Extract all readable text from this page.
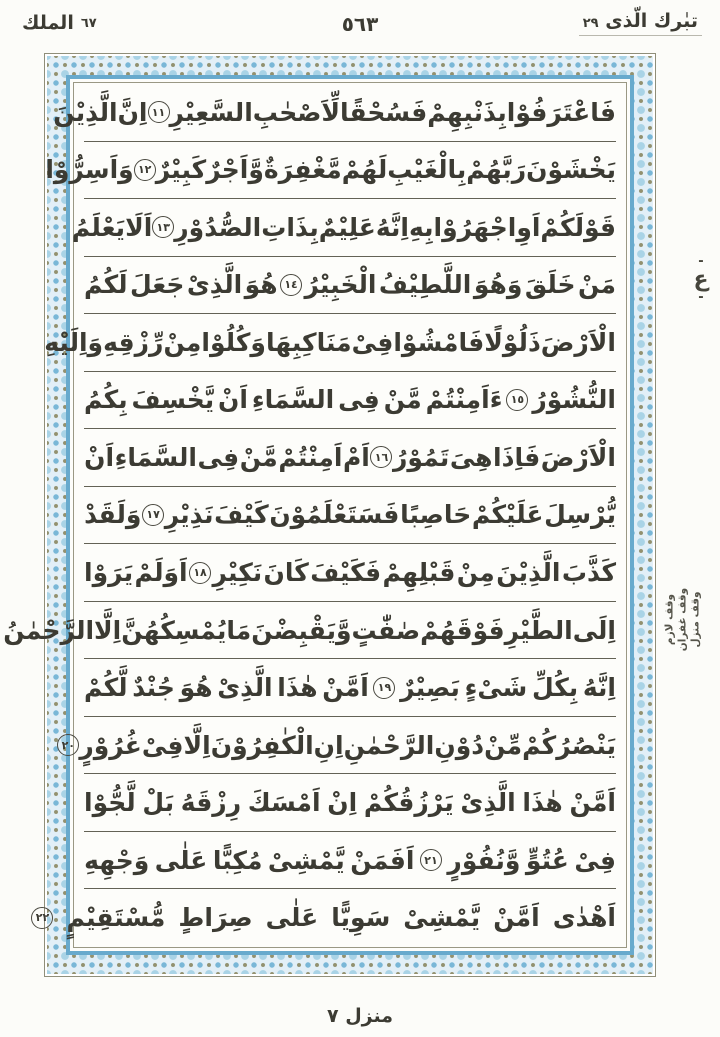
الملك ٦٧	٥٦٣	تبٰرك الّذى ٢٩
فَاعْتَرَفُوْا
بِذَنْبِهِمْ
فَسُحْقًا
لِّاَصْحٰبِ
السَّعِيْرِ
١١
اِنَّ
الَّذِيْنَ
يَخْشَوْنَ
رَبَّهُمْ
بِالْغَيْبِ
لَهُمْ
مَّغْفِرَةٌ
وَّاَجْرٌ
كَبِيْرٌ
١٢
وَاَسِرُّوْا
قَوْلَكُمْ
اَوِ
اجْهَرُوْا
بِهِ
اِنَّهُ
عَلِيْمٌ
بِذَاتِ
الصُّدُوْرِ
١٣
اَلَا
يَعْلَمُ
مَنْ
خَلَقَ
وَهُوَ
اللَّطِيْفُ
الْخَبِيْرُ
١٤
هُوَ
الَّذِىْ
جَعَلَ
لَكُمُ
الْاَرْضَ
ذَلُوْلًا
فَامْشُوْا
فِىْ
مَنَاكِبِهَا
وَكُلُوْا
مِنْ
رِّزْقِهِ
وَاِلَيْهِ
النُّشُوْرُ
١٥
ءَاَمِنْتُمْ
مَّنْ
فِى
السَّمَاءِ
اَنْ
يَّخْسِفَ
بِكُمُ
الْاَرْضَ
فَاِذَا
هِىَ
تَمُوْرُ
١٦
اَمْ
اَمِنْتُمْ
مَّنْ
فِى
السَّمَاءِ
اَنْ
يُّرْسِلَ
عَلَيْكُمْ
حَاصِبًا
فَسَتَعْلَمُوْنَ
كَيْفَ
نَذِيْرِ
١٧
وَلَقَدْ
كَذَّبَ
الَّذِيْنَ
مِنْ
قَبْلِهِمْ
فَكَيْفَ
كَانَ
نَكِيْرِ
١٨
اَوَلَمْ
يَرَوْا
اِلَى
الطَّيْرِ
فَوْقَهُمْ
صٰفّٰتٍ
وَّيَقْبِضْنَ
مَا
يُمْسِكُهُنَّ
اِلَّا
الرَّحْمٰنُ
اِنَّهُ
بِكُلِّ
شَىْءٍ
بَصِيْرٌ
١٩
اَمَّنْ
هٰذَا
الَّذِىْ
هُوَ
جُنْدٌ
لَّكُمْ
يَنْصُرُكُمْ
مِّنْ
دُوْنِ
الرَّحْمٰنِ
اِنِ
الْكٰفِرُوْنَ
اِلَّا
فِىْ
غُرُوْرٍ
٢٠
اَمَّنْ
هٰذَا
الَّذِىْ
يَرْزُقُكُمْ
اِنْ
اَمْسَكَ
رِزْقَهُ
بَلْ
لَّجُّوْا
فِىْ
عُتُوٍّ
وَّنُفُوْرٍ
٢١
اَفَمَنْ
يَّمْشِىْ
مُكِبًّا
عَلٰى
وَجْهِهِ
اَهْدٰى
اَمَّنْ
يَّمْشِىْ
سَوِيًّا
عَلٰى
صِرَاطٍ
مُّسْتَقِيْمٍ
٢٢
-
ع
-
وقف لازم وقف غفران وقف منزل
منزل ٧
